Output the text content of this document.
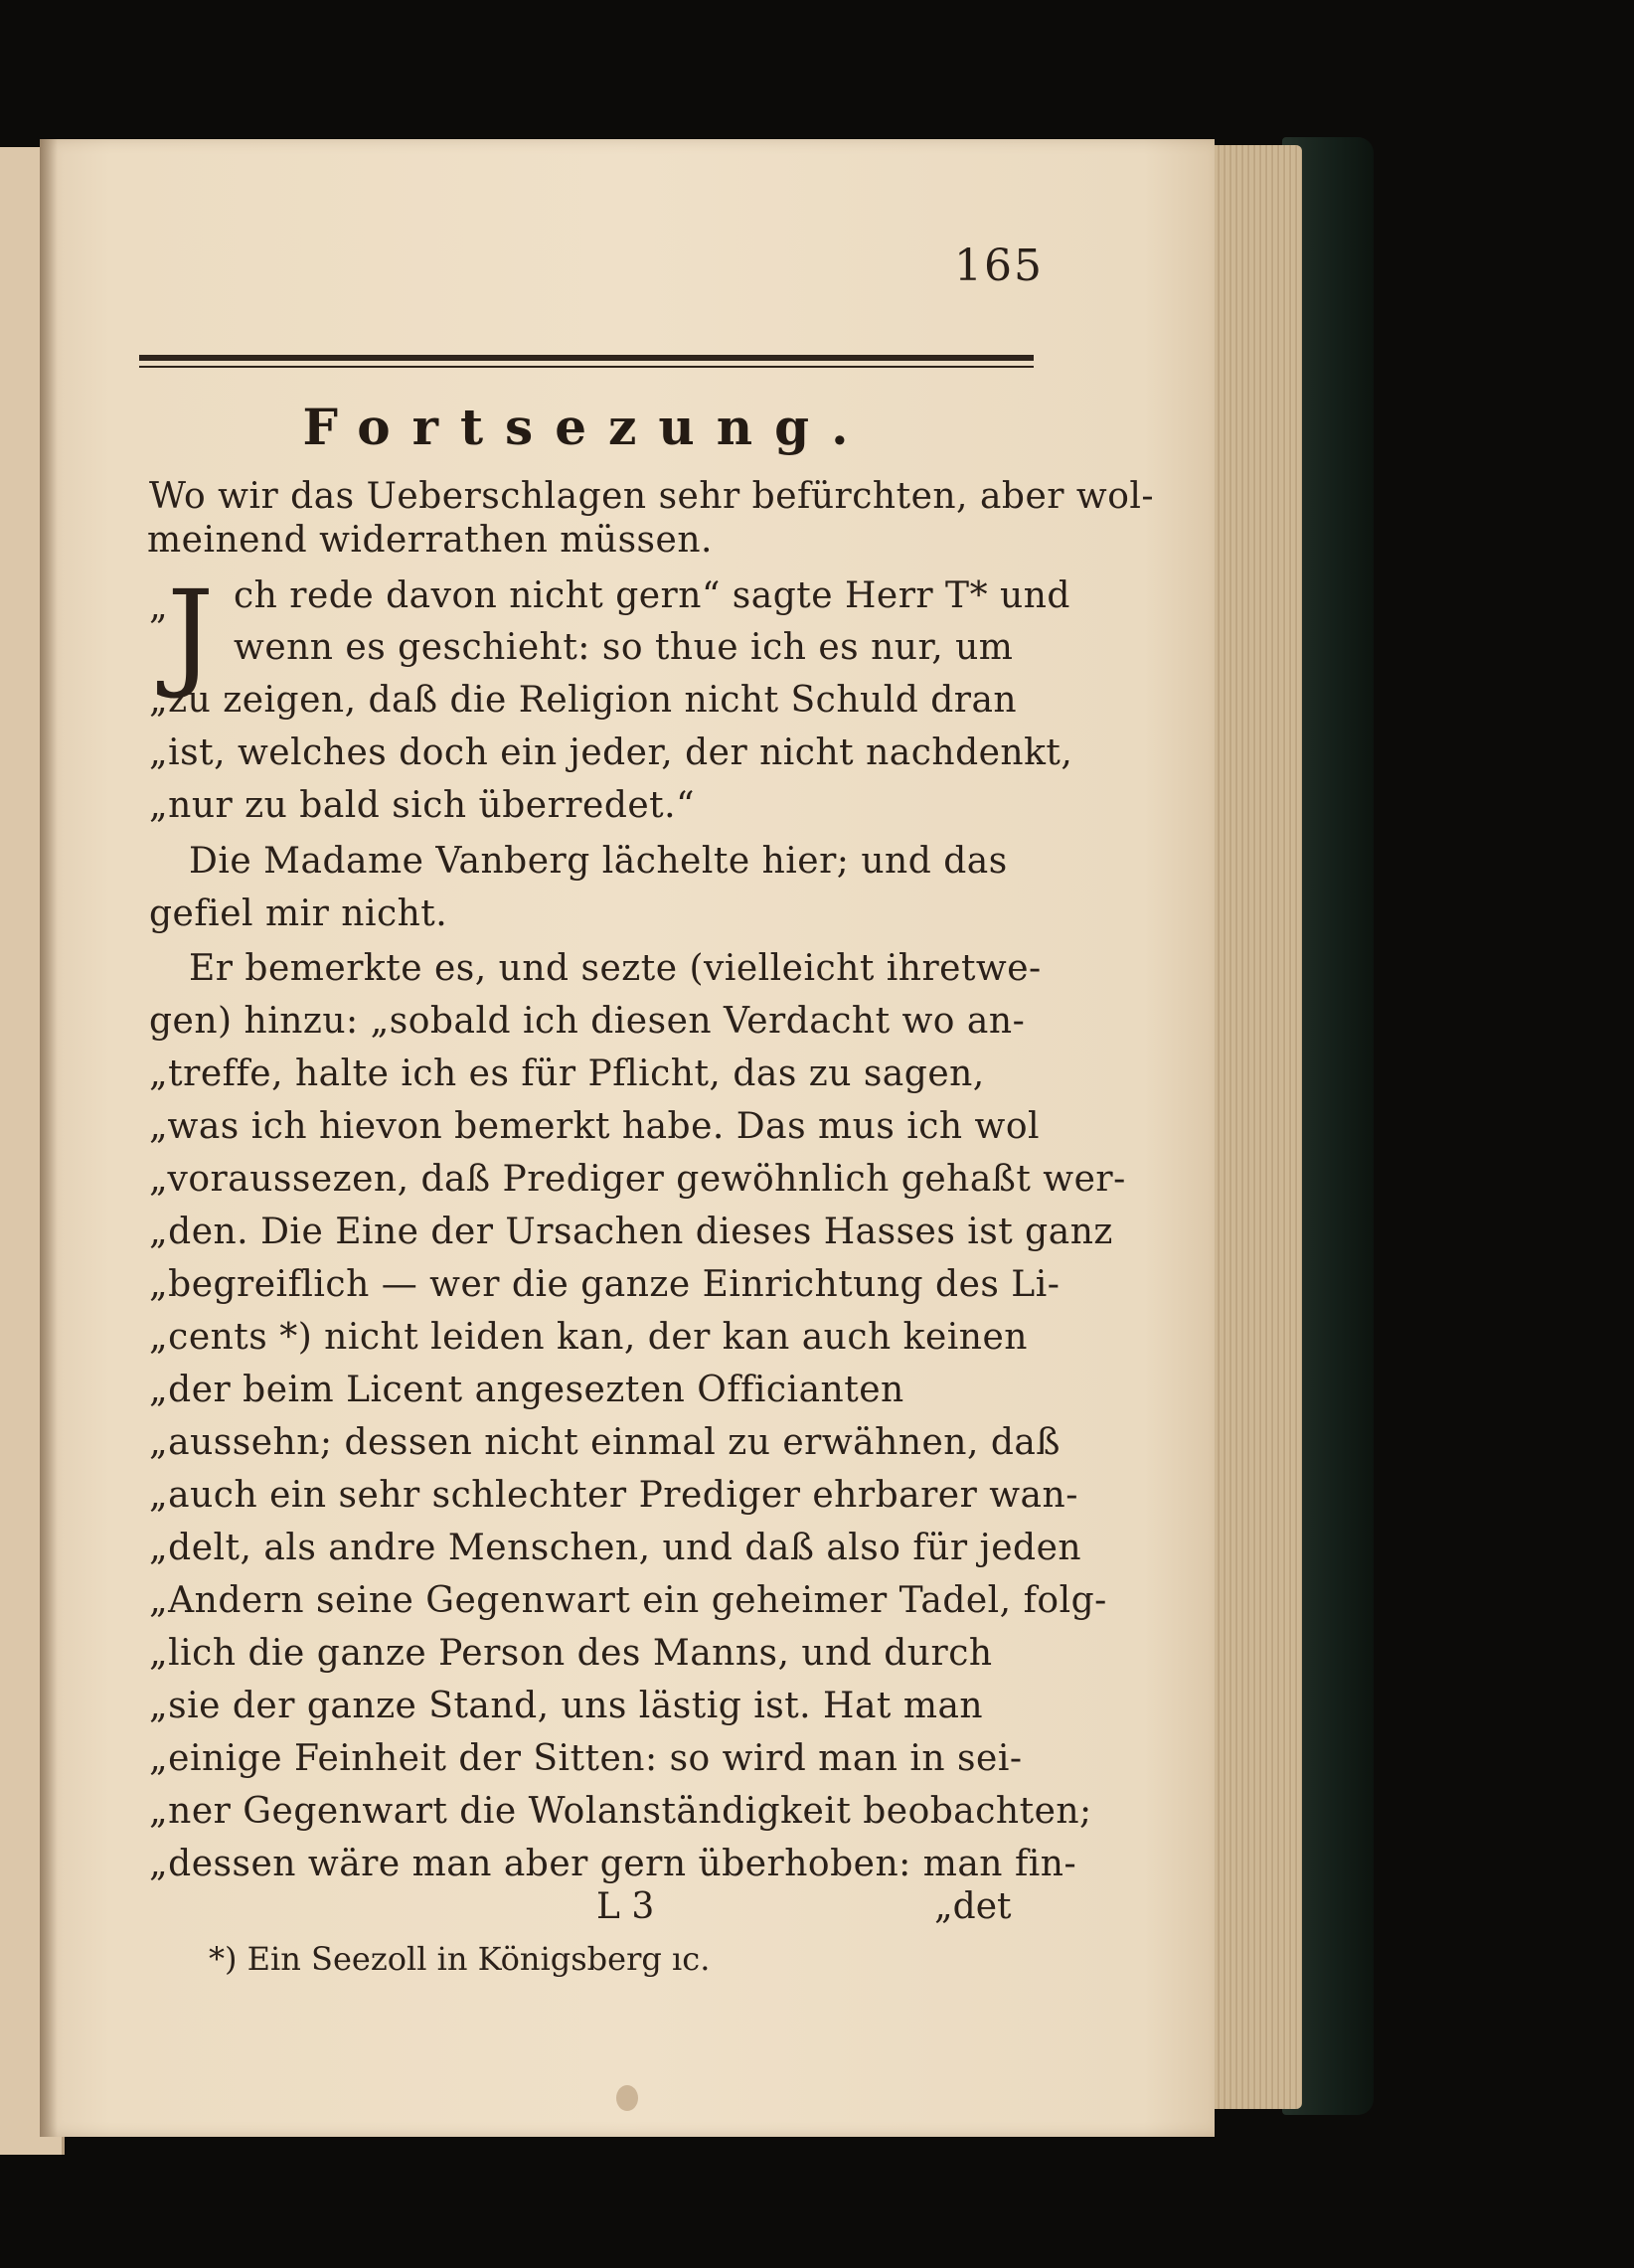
165
Fortsezung.
Wo wir das Ueberschlagen sehr befürchten, aber wol-
meinend widerrathen müssen.
„ J ch rede davon nicht gern“ sagte Herr T* und
wenn es geschieht: so thue ich es nur, um
„zu zeigen, daß die Religion nicht Schuld dran
„ist, welches doch ein jeder, der nicht nachdenkt,
„nur zu bald sich überredet.“
Die Madame Vanberg lächelte hier; und das
gefiel mir nicht.
Er bemerkte es, und sezte (vielleicht ihretwe-
gen) hinzu: „sobald ich diesen Verdacht wo an-
„treffe, halte ich es für Pflicht, das zu sagen,
„was ich hievon bemerkt habe. Das mus ich wol
„voraussezen, daß Prediger gewöhnlich gehaßt wer-
„den. Die Eine der Ursachen dieses Hasses ist ganz
„begreiflich — wer die ganze Einrichtung des Li-
„cents *) nicht leiden kan, der kan auch keinen
„der beim Licent angesezten Officianten
„aussehn; dessen nicht einmal zu erwähnen, daß
„auch ein sehr schlechter Prediger ehrbarer wan-
„delt, als andre Menschen, und daß also für jeden
„Andern seine Gegenwart ein geheimer Tadel, folg-
„lich die ganze Person des Manns, und durch
„sie der ganze Stand, uns lästig ist. Hat man
„einige Feinheit der Sitten: so wird man in sei-
„ner Gegenwart die Wolanständigkeit beobachten;
„dessen wäre man aber gern überhoben: man fin-
L 3	„det
*) Ein Seezoll in Königsberg ıc.
